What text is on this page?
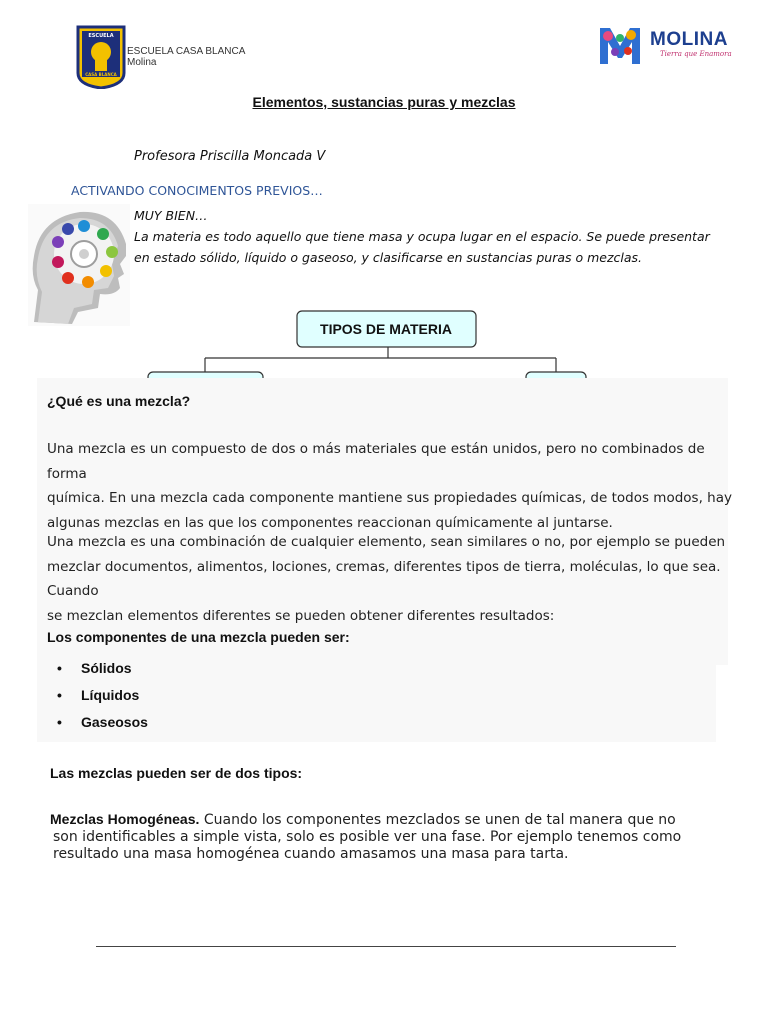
ESCUELA
CASA BLANCA
ESCUELA CASA BLANCA
Molina
MOLINA
Tierra que Enamora
Elementos, sustancias puras y mezclas
Profesora Priscilla Moncada V
ACTIVANDO CONOCIMENTOS PREVIOS…
MUY BIEN…
La materia es todo aquello que tiene masa y ocupa lugar en el espacio. Se puede presentar
en estado sólido, líquido o gaseoso, y clasificarse en sustancias puras o mezclas.
TIPOS DE MATERIA
¿Qué es una mezcla?
Una mezcla es un compuesto de dos o más materiales que están unidos, pero no combinados de forma
química. En una mezcla cada componente mantiene sus propiedades químicas, de todos modos, hay
algunas mezclas en las que los componentes reaccionan químicamente al juntarse.
Una mezcla es una combinación de cualquier elemento, sean similares o no, por ejemplo se pueden
mezclar documentos, alimentos, lociones, cremas, diferentes tipos de tierra, moléculas, lo que sea. Cuando
se mezclan elementos diferentes se pueden obtener diferentes resultados:
Los componentes de una mezcla pueden ser:
• Sólidos
• Líquidos
• Gaseosos
Las mezclas pueden ser de dos tipos:
Mezclas Homogéneas. Cuando los componentes mezclados se unen de tal manera que no
son identificables a simple vista, solo es posible ver una fase. Por ejemplo tenemos como
resultado una masa homogénea cuando amasamos una masa para tarta.
